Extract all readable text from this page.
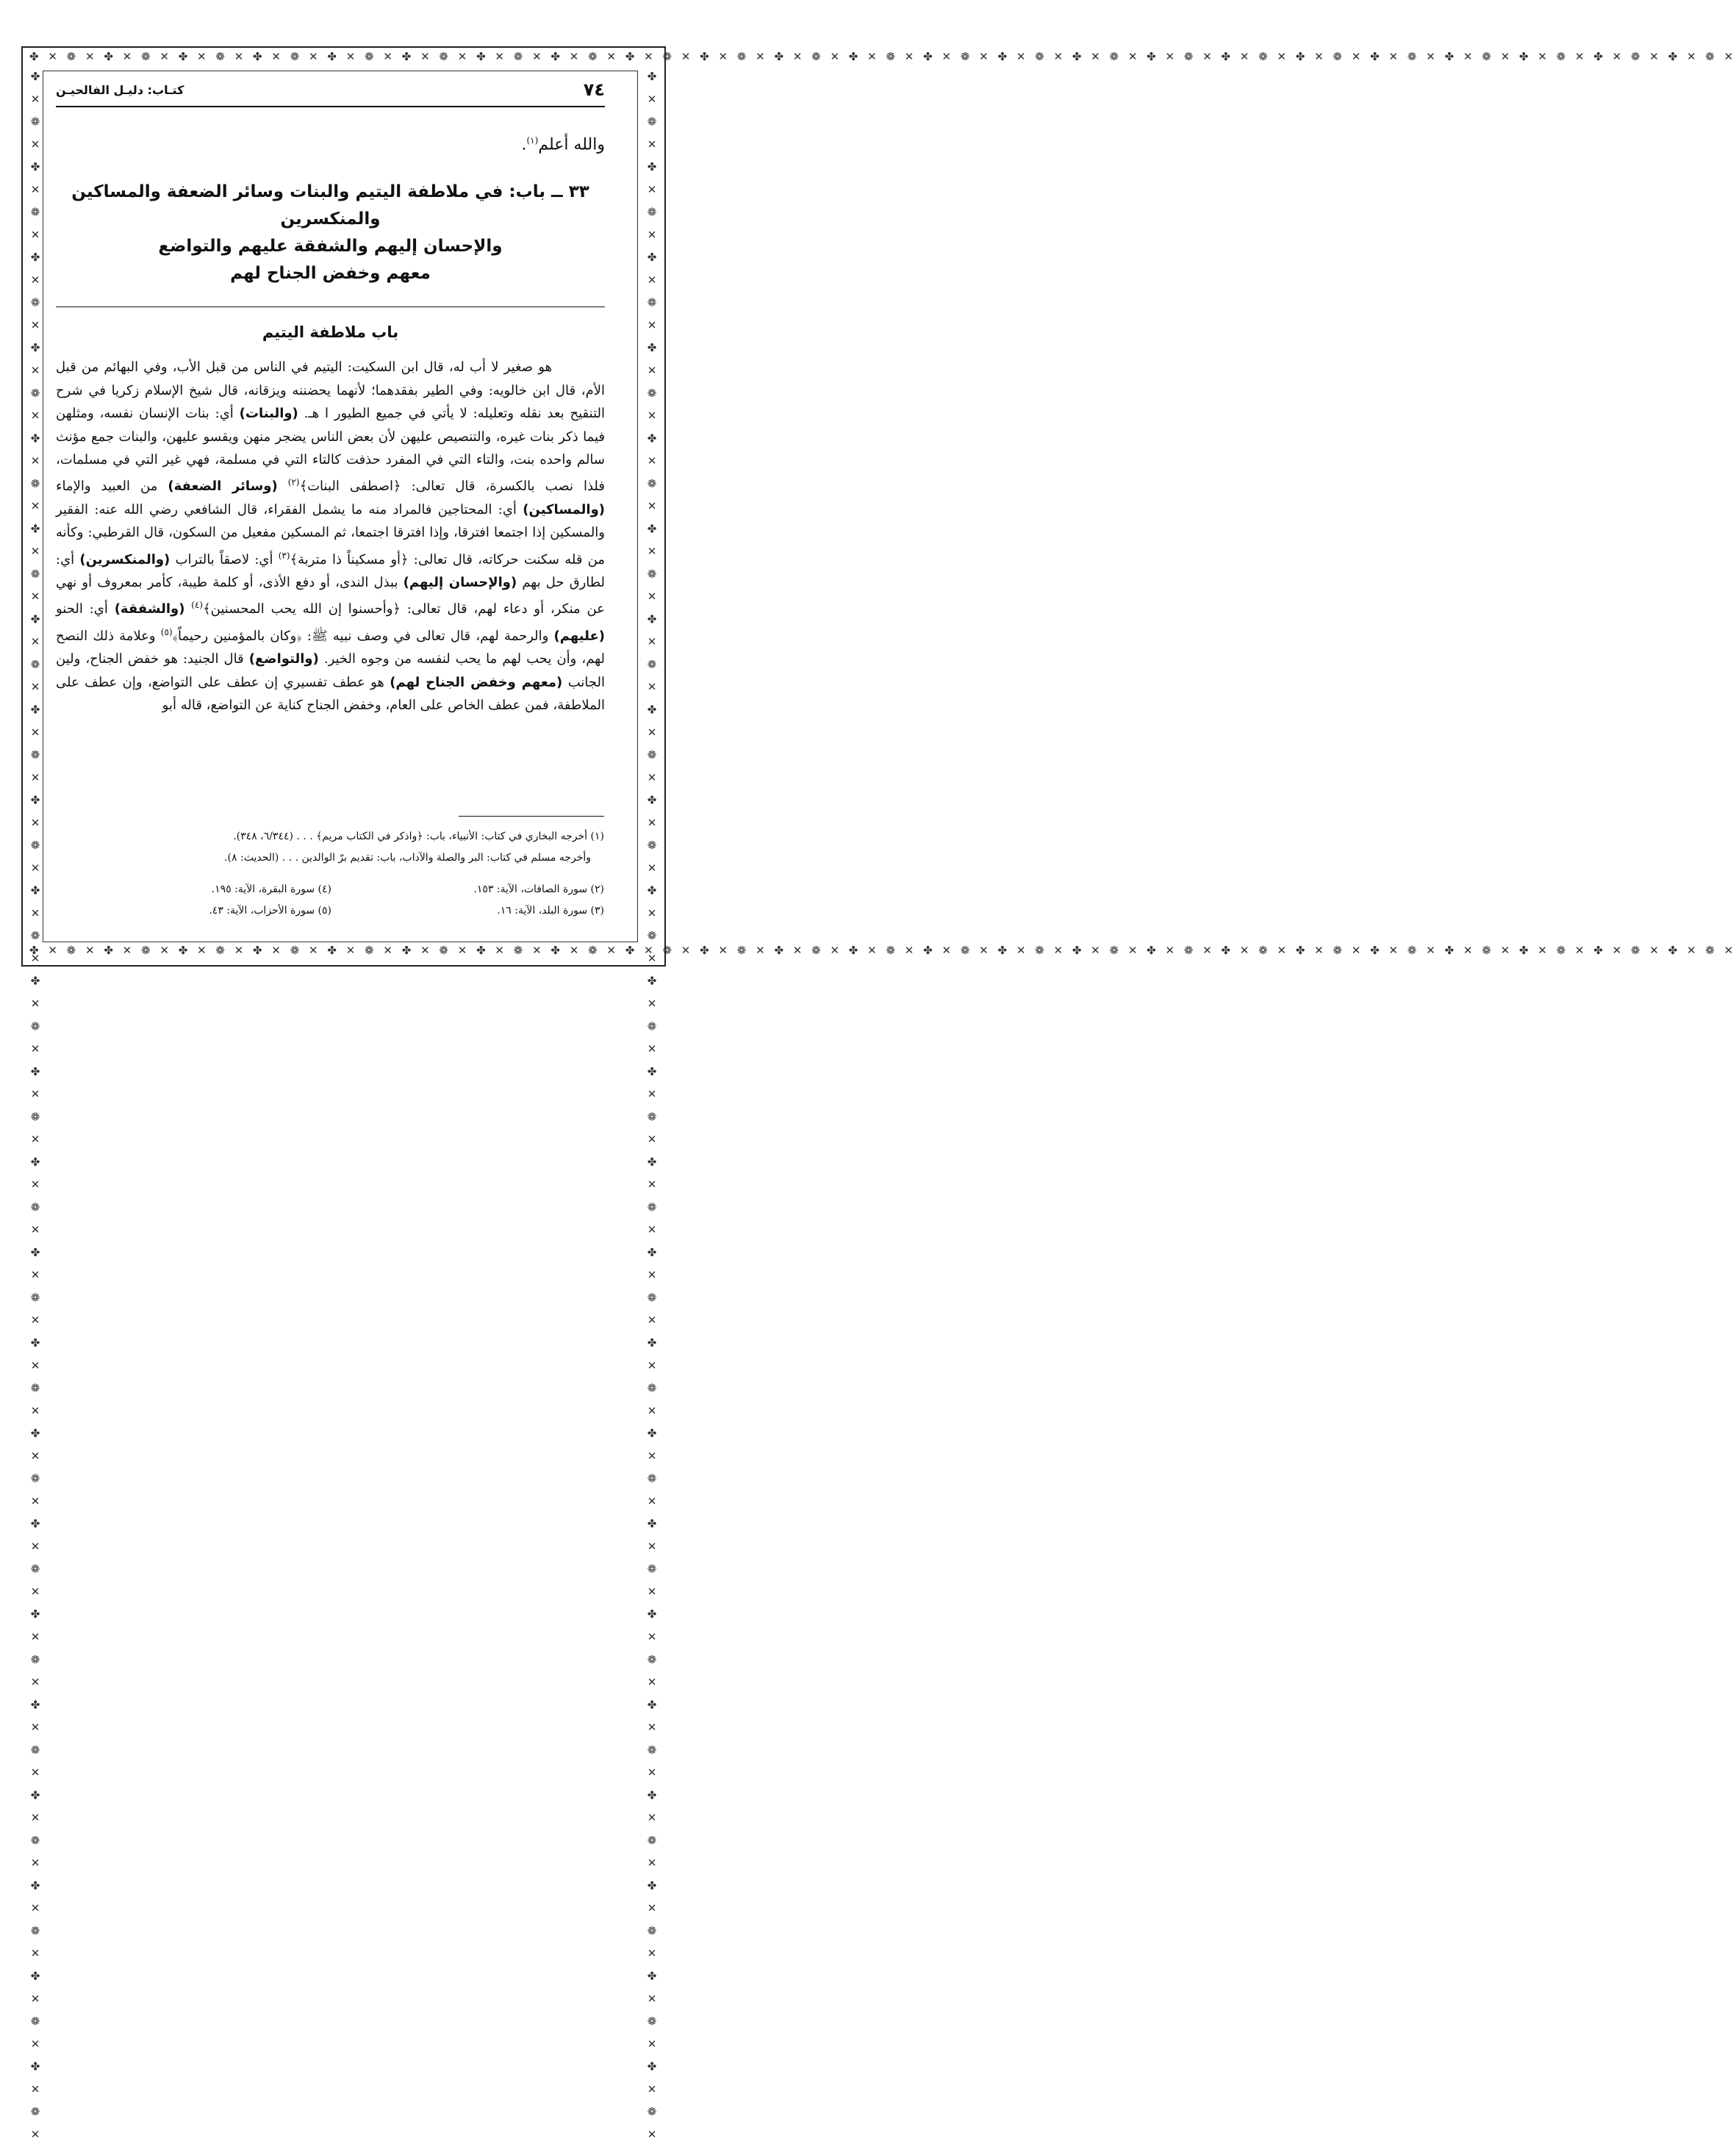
✤ ✕ ❁ ✕ ✤ ✕ ❁ ✕ ✤ ✕ ❁ ✕ ✤ ✕ ❁ ✕ ✤ ✕ ❁ ✕ ✤ ✕ ❁ ✕ ✤ ✕ ❁ ✕ ✤ ✕ ❁ ✕ ✤ ✕ ❁ ✕ ✤ ✕ ❁ ✕ ✤ ✕ ❁ ✕ ✤ ✕ ❁ ✕ ✤ ✕ ❁ ✕ ✤ ✕ ❁ ✕ ✤ ✕ ❁ ✕ ✤ ✕ ❁ ✕ ✤ ✕ ❁ ✕ ✤ ✕ ❁ ✕ ✤ ✕ ❁ ✕ ✤ ✕ ❁ ✕ ✤ ✕ ❁ ✕ ✤ ✕ ❁ ✕ ✤ ✕ ❁ ✕
✤ ✕ ❁ ✕ ✤ ✕ ❁ ✕ ✤ ✕ ❁ ✕ ✤ ✕ ❁ ✕ ✤ ✕ ❁ ✕ ✤ ✕ ❁ ✕ ✤ ✕ ❁ ✕ ✤ ✕ ❁ ✕ ✤ ✕ ❁ ✕ ✤ ✕ ❁ ✕ ✤ ✕ ❁ ✕ ✤ ✕ ❁ ✕ ✤ ✕ ❁ ✕ ✤ ✕ ❁ ✕ ✤ ✕ ❁ ✕ ✤ ✕ ❁ ✕ ✤ ✕ ❁ ✕ ✤ ✕ ❁ ✕ ✤ ✕ ❁ ✕ ✤ ✕ ❁ ✕ ✤ ✕ ❁ ✕ ✤ ✕ ❁ ✕ ✤ ✕ ❁ ✕
✤ ✕ ❁ ✕ ✤ ✕ ❁ ✕ ✤ ✕ ❁ ✕ ✤ ✕ ❁ ✕ ✤ ✕ ❁ ✕ ✤ ✕ ❁ ✕ ✤ ✕ ❁ ✕ ✤ ✕ ❁ ✕ ✤ ✕ ❁ ✕ ✤ ✕ ❁ ✕ ✤ ✕ ❁ ✕ ✤ ✕ ❁ ✕ ✤ ✕ ❁ ✕ ✤ ✕ ❁ ✕ ✤ ✕ ❁ ✕ ✤ ✕ ❁ ✕ ✤ ✕ ❁ ✕ ✤ ✕ ❁ ✕ ✤ ✕ ❁ ✕ ✤ ✕ ❁ ✕ ✤ ✕ ❁ ✕ ✤ ✕ ❁ ✕ ✤ ✕ ❁ ✕	✤ ✕ ❁ ✕ ✤ ✕ ❁ ✕ ✤ ✕ ❁ ✕ ✤ ✕ ❁ ✕ ✤ ✕ ❁ ✕ ✤ ✕ ❁ ✕ ✤ ✕ ❁ ✕ ✤ ✕ ❁ ✕ ✤ ✕ ❁ ✕ ✤ ✕ ❁ ✕ ✤ ✕ ❁ ✕ ✤ ✕ ❁ ✕ ✤ ✕ ❁ ✕ ✤ ✕ ❁ ✕ ✤ ✕ ❁ ✕ ✤ ✕ ❁ ✕ ✤ ✕ ❁ ✕ ✤ ✕ ❁ ✕ ✤ ✕ ❁ ✕ ✤ ✕ ❁ ✕ ✤ ✕ ❁ ✕ ✤ ✕ ❁ ✕ ✤ ✕ ❁ ✕
٧٤
كتـاب: دليـل الفالحيـن
والله أعلم$^{(١)}$.
٣٣ ــ باب: في ملاطفة اليتيم والبنات وسائر الضعفة والمساكين والمنكسرين
والإحسان إليهم والشفقة عليهم والتواضع
معهم وخفض الجناح لهم
باب ملاطفة اليتيم

هو صغير لا أب له، قال ابن السكيت: اليتيم في الناس من قبل الأب، وفي البهائم من قبل الأم، قال ابن خالويه: وفي الطير بفقدهما؛ لأنهما يحضننه ويزقانه، قال شيخ الإسلام زكريا في شرح التنقيح بعد نقله وتعليله: لا يأتي في جميع الطيور ا هـ. (والبنات) أي: بنات الإنسان نفسه، ومثلهن فيما ذكر بنات غيره، والتنصيص عليهن لأن بعض الناس يضجر منهن ويقسو عليهن، والبنات جمع مؤنث سالم واحده بنت، والتاء التي في المفرد حذفت كالتاء التي في مسلمة، فهي غير التي في مسلمات، فلذا نصب بالكسرة، قال تعالى: ﴿اصطفى البنات﴾$^{(٢)}$ (وسائر الضعفة) من العبيد والإماء (والمساكين) أي: المحتاجين فالمراد منه ما يشمل الفقراء، قال الشافعي رضي الله عنه: الفقير والمسكين إذا اجتمعا افترقا، وإذا افترقا اجتمعا، ثم المسكين مفعيل من السكون، قال القرطبي: وكأنه من قله سكنت حركاته، قال تعالى: ﴿أو مسكيناً ذا متربة﴾$^{(٣)}$ أي: لاصقاً بالتراب (والمنكسرين) أي: لطارق حل بهم (والإحسان إليهم) ببذل الندى، أو دفع الأذى، أو كلمة طيبة، كأمر بمعروف أو نهي عن منكر، أو دعاء لهم، قال تعالى: ﴿وأحسنوا إن الله يحب المحسنين﴾$^{(٤)}$ (والشفقة) أي: الحنو (عليهم) والرحمة لهم، قال تعالى في وصف نبيه ﷺ: ﴿وكان بالمؤمنين رحيماً﴾$^{(٥)}$ وعلامة ذلك النصح لهم، وأن يحب لهم ما يحب لنفسه من وجوه الخير. (والتواضع) قال الجنيد: هو خفض الجناح، ولين الجانب (معهم وخفض الجناح لهم) هو عطف تفسيري إن عطف على التواضع، وإن عطف على الملاطفة، فمن عطف الخاص على العام، وخفض الجناح كناية عن التواضع، قاله أبو

(١) أخرجه البخاري في كتاب: الأنبياء، باب: ﴿واذكر في الكتاب مريم﴾ . . . (٦/٣٤٤، ٣٤٨).
وأخرجه مسلم في كتاب: البر والصلة والآداب، باب: تقديم برّ الوالدين . . . (الحديث: ٨).
(٢) سورة الصافات، الآية: ١٥٣.
(٤) سورة البقرة، الآية: ١٩٥.
(٣) سورة البلد، الآية: ١٦.
(٥) سورة الأحزاب، الآية: ٤٣.
